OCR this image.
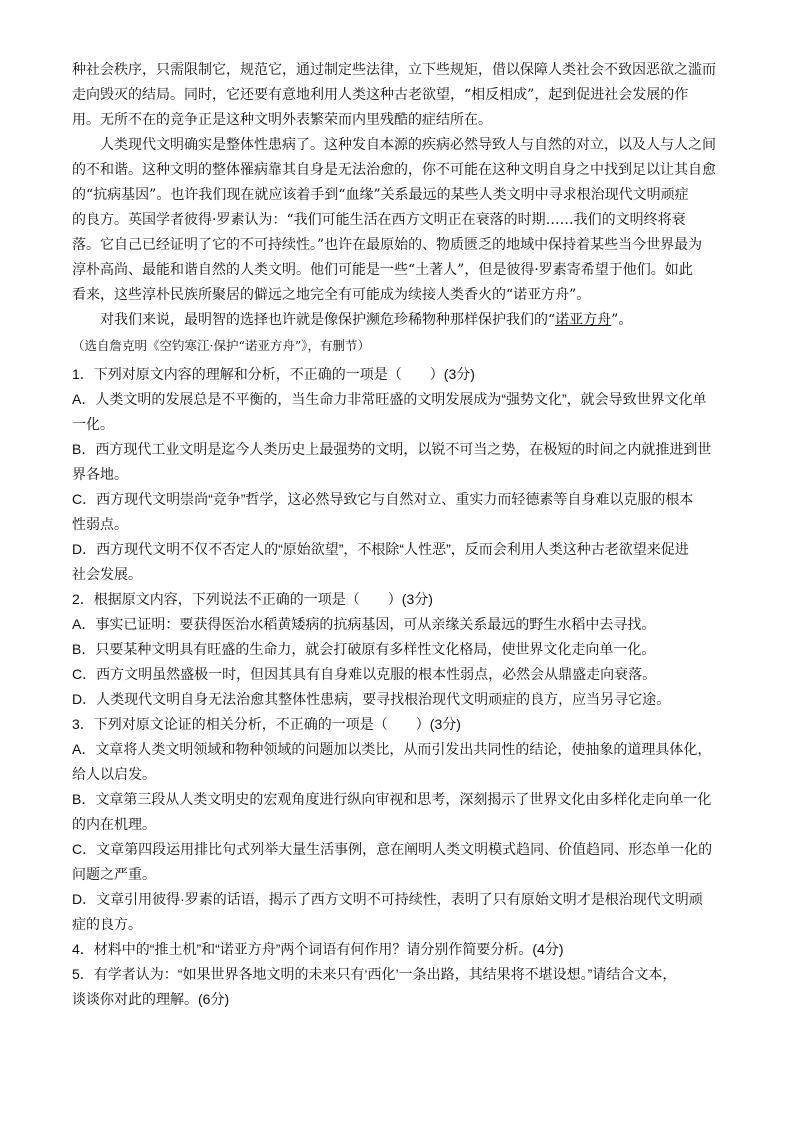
种社会秩序，只需限制它，规范它，通过制定些法律，立下些规矩，借以保障人类社会不致因恶欲之滥而
走向毁灭的结局。同时，它还要有意地利用人类这种古老欲望，“相反相成”，起到促进社会发展的作
用。无所不在的竞争正是这种文明外表繁荣而内里残酷的症结所在。

人类现代文明确实是整体性患病了。这种发自本源的疾病必然导致人与自然的对立，以及人与人之间
的不和谐。这种文明的整体罹病靠其自身是无法治愈的，你不可能在这种文明自身之中找到足以让其自愈
的“抗病基因”。也许我们现在就应该着手到“血缘”关系最远的某些人类文明中寻求根治现代文明顽症
的良方。英国学者彼得·罗素认为：“我们可能生活在西方文明正在衰落的时期……我们的文明终将衰
落。它自己已经证明了它的不可持续性。”也许在最原始的、物质匮乏的地域中保持着某些当今世界最为
淳朴高尚、最能和谐自然的人类文明。他们可能是一些“土著人”，但是彼得·罗素寄希望于他们。如此
看来，这些淳朴民族所聚居的僻远之地完全有可能成为续接人类香火的“诺亚方舟”。

对我们来说，最明智的选择也许就是像保护濒危珍稀物种那样保护我们的“诺亚方舟”。

（选自詹克明《空钓寒江·保护“诺亚方舟”》，有删节）

1．下列对原文内容的理解和分析，不正确的一项是（　　）(3分)

A．人类文明的发展总是不平衡的，当生命力非常旺盛的文明发展成为“强势文化”，就会导致世界文化单
一化。

B．西方现代工业文明是迄今人类历史上最强势的文明，以锐不可当之势，在极短的时间之内就推进到世
界各地。

C．西方现代文明崇尚“竞争”哲学，这必然导致它与自然对立、重实力而轻德素等自身难以克服的根本
性弱点。

D．西方现代文明不仅不否定人的“原始欲望”，不根除“人性恶”，反而会利用人类这种古老欲望来促进
社会发展。

2．根据原文内容，下列说法不正确的一项是（　　）(3分)

A．事实已证明：要获得医治水稻黄矮病的抗病基因，可从亲缘关系最远的野生水稻中去寻找。

B．只要某种文明具有旺盛的生命力，就会打破原有多样性文化格局，使世界文化走向单一化。

C．西方文明虽然盛极一时，但因其具有自身难以克服的根本性弱点，必然会从鼎盛走向衰落。

D．人类现代文明自身无法治愈其整体性患病，要寻找根治现代文明顽症的良方，应当另寻它途。

3．下列对原文论证的相关分析，不正确的一项是（　　）(3分)

A．文章将人类文明领域和物种领域的问题加以类比，从而引发出共同性的结论，使抽象的道理具体化，
给人以启发。

B．文章第三段从人类文明史的宏观角度进行纵向审视和思考，深刻揭示了世界文化由多样化走向单一化
的内在机理。

C．文章第四段运用排比句式列举大量生活事例，意在阐明人类文明模式趋同、价值趋同、形态单一化的
问题之严重。

D．文章引用彼得·罗素的话语，揭示了西方文明不可持续性，表明了只有原始文明才是根治现代文明顽
症的良方。

4．材料中的“推土机”和“诺亚方舟”两个词语有何作用？请分别作简要分析。(4分)

5．有学者认为：“如果世界各地文明的未来只有‘西化’一条出路，其结果将不堪设想。”请结合文本，
谈谈你对此的理解。(6分)
